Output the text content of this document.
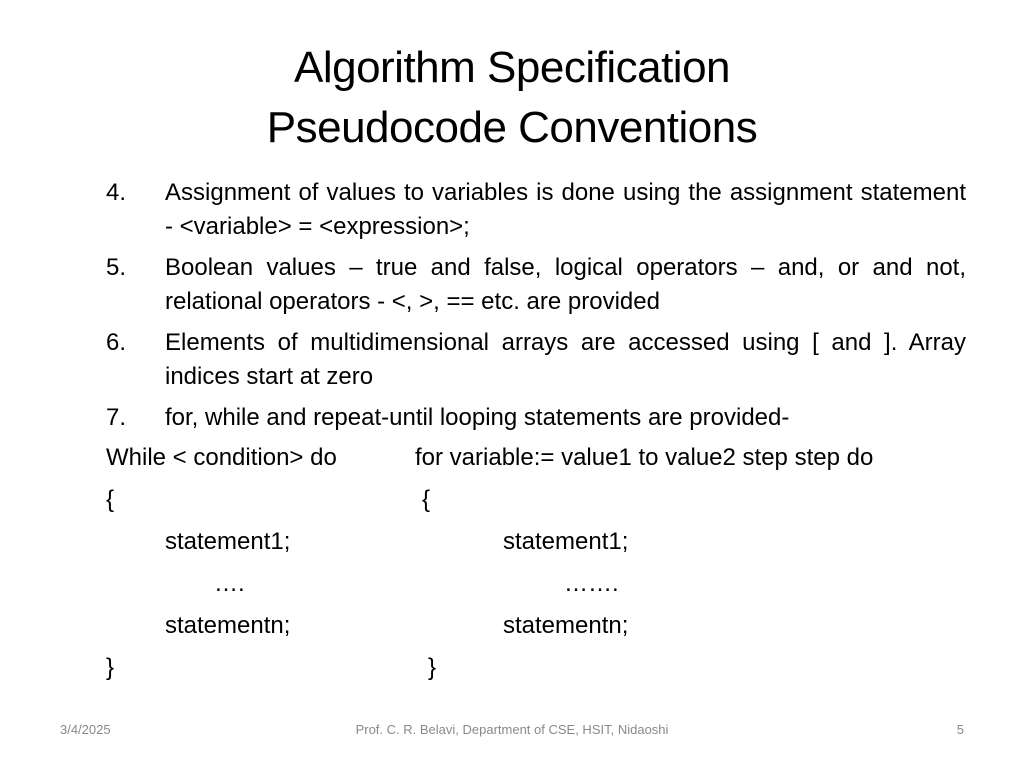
Algorithm Specification
Pseudocode Conventions
4. Assignment of values to variables is done using the assignment statement - <variable> = <expression>;
5. Boolean values – true and false, logical operators – and, or and not, relational operators - <, >, == etc. are provided
6. Elements of multidimensional arrays are accessed using [ and ]. Array indices start at zero
7. for, while and repeat-until looping statements are provided-
While < condition> do	for variable:= value1 to value2 step step do
{	{
statement1;	statement1;
….	…….
statementn;	statementn;
}	}
3/4/2025	Prof. C. R. Belavi, Department of CSE, HSIT, Nidaoshi	5
